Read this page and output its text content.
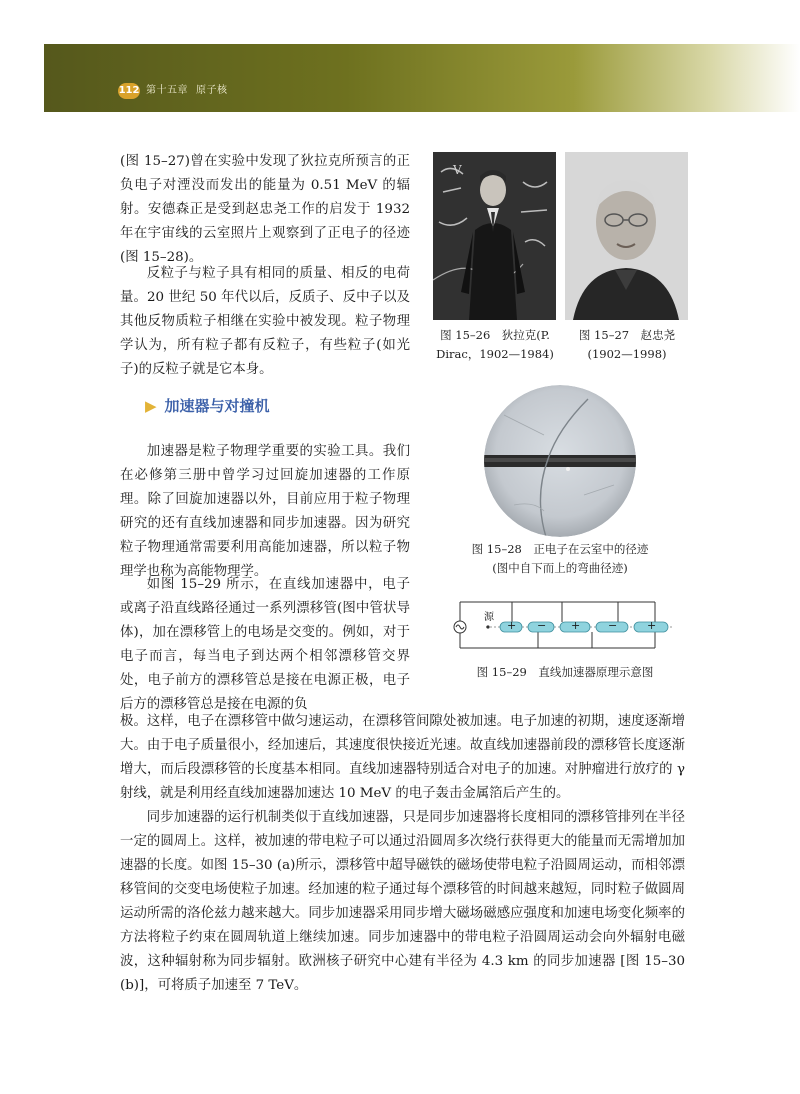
112 第十五章 原子核

(图 15–27)曾在实验中发现了狄拉克所预言的正负电子对湮没而发出的能量为 0.51 MeV 的辐射。安德森正是受到赵忠尧工作的启发于 1932 年在宇宙线的云室照片上观察到了正电子的径迹(图 15–28)。

反粒子与粒子具有相同的质量、相反的电荷量。20 世纪 50 年代以后，反质子、反中子以及其他反物质粒子相继在实验中被发现。粒子物理学认为，所有粒子都有反粒子，有些粒子(如光子)的反粒子就是它本身。

▶ 加速器与对撞机

加速器是粒子物理学重要的实验工具。我们在必修第三册中曾学习过回旋加速器的工作原理。除了回旋加速器以外，目前应用于粒子物理研究的还有直线加速器和同步加速器。因为研究粒子物理通常需要利用高能加速器，所以粒子物理学也称为高能物理学。

如图 15–29 所示，在直线加速器中，电子或离子沿直线路径通过一系列漂移管(图中管状导体)，加在漂移管上的电场是交变的。例如，对于电子而言，每当电子到达两个相邻漂移管交界处，电子前方的漂移管总是接在电源正极，电子后方的漂移管总是接在电源的负

极。这样，电子在漂移管中做匀速运动，在漂移管间隙处被加速。电子加速的初期，速度逐渐增大。由于电子质量很小，经加速后，其速度很快接近光速。故直线加速器前段的漂移管长度逐渐增大，而后段漂移管的长度基本相同。直线加速器特别适合对电子的加速。对肿瘤进行放疗的 γ 射线，就是利用经直线加速器加速达 10 MeV 的电子轰击金属箔后产生的。

同步加速器的运行机制类似于直线加速器，只是同步加速器将长度相同的漂移管排列在半径一定的圆周上。这样，被加速的带电粒子可以通过沿圆周多次绕行获得更大的能量而无需增加加速器的长度。如图 15–30 (a)所示，漂移管中超导磁铁的磁场使带电粒子沿圆周运动，而相邻漂移管间的交变电场使粒子加速。经加速的粒子通过每个漂移管的时间越来越短，同时粒子做圆周运动所需的洛伦兹力越来越大。同步加速器采用同步增大磁场磁感应强度和加速电场变化频率的方法将粒子约束在圆周轨道上继续加速。同步加速器中的带电粒子沿圆周运动会向外辐射电磁波，这种辐射称为同步辐射。欧洲核子研究中心建有半径为 4.3 km 的同步加速器 [图 15–30 (b)]，可将质子加速至 7 TeV。

V
图 15–26　狄拉克(P.
Dirac，1902—1984)
图 15–27　赵忠尧
(1902—1998)
图 15–28　正电子在云室中的径迹
(图中自下而上的弯曲径迹)
源
+ − +	−	+
图 15–29　直线加速器原理示意图
